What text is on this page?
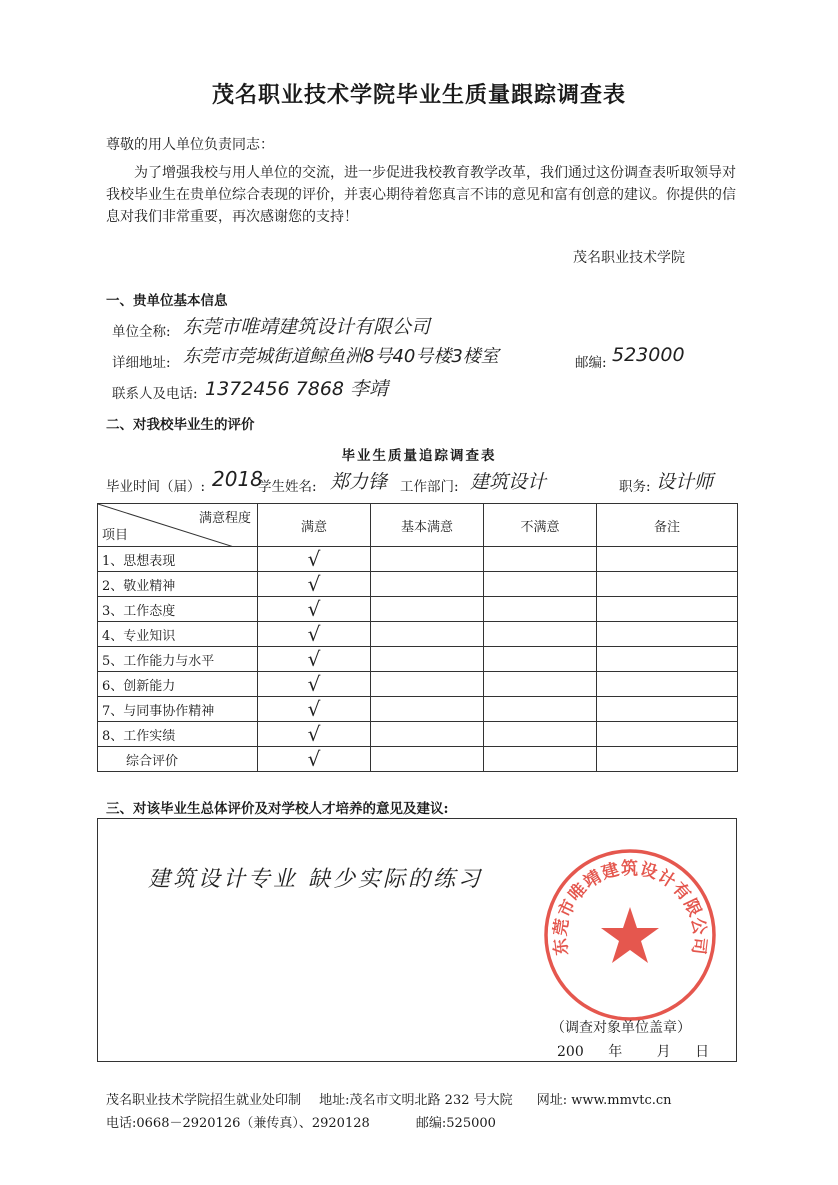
茂名职业技术学院毕业生质量跟踪调查表
尊敬的用人单位负责同志：
为了增强我校与用人单位的交流，进一步促进我校教育教学改革，我们通过这份调查表听取领导对我校毕业生在贵单位综合表现的评价，并衷心期待着您真言不讳的意见和富有创意的建议。你提供的信息对我们非常重要，再次感谢您的支持！
茂名职业技术学院
一、贵单位基本信息
单位全称: 东莞市唯靖建筑设计有限公司
详细地址: 东莞市莞城街道鲸鱼洲8号40号楼3楼室	邮编: 523000
联系人及电话: 1372456 7868 李靖
二、对我校毕业生的评价
毕业生质量追踪调查表
毕业时间（届）: 2018
学生姓名: 郑力锋 工作部门: 建筑设计	职务: 设计师
满意程度
项目	满意	基本满意	不满意	备注
1、思想表现	√			
2、敬业精神	√			
3、工作态度	√			
4、专业知识	√			
5、工作能力与水平	√			
6、创新能力	√			
7、与同事协作精神	√			
8、工作实绩	√			
综合评价	√			
三、对该毕业生总体评价及对学校人才培养的意见及建议:
建筑设计专业 缺少实际的练习
东莞市唯靖建筑设计有限公司
（调查对象单位盖章）
200 年 月 日
茂名职业技术学院招生就业处印制 地址:茂名市文明北路 232 号大院 网址: www.mmvtc.cn
电话:0668－2920126（兼传真）、2920128	邮编:525000
